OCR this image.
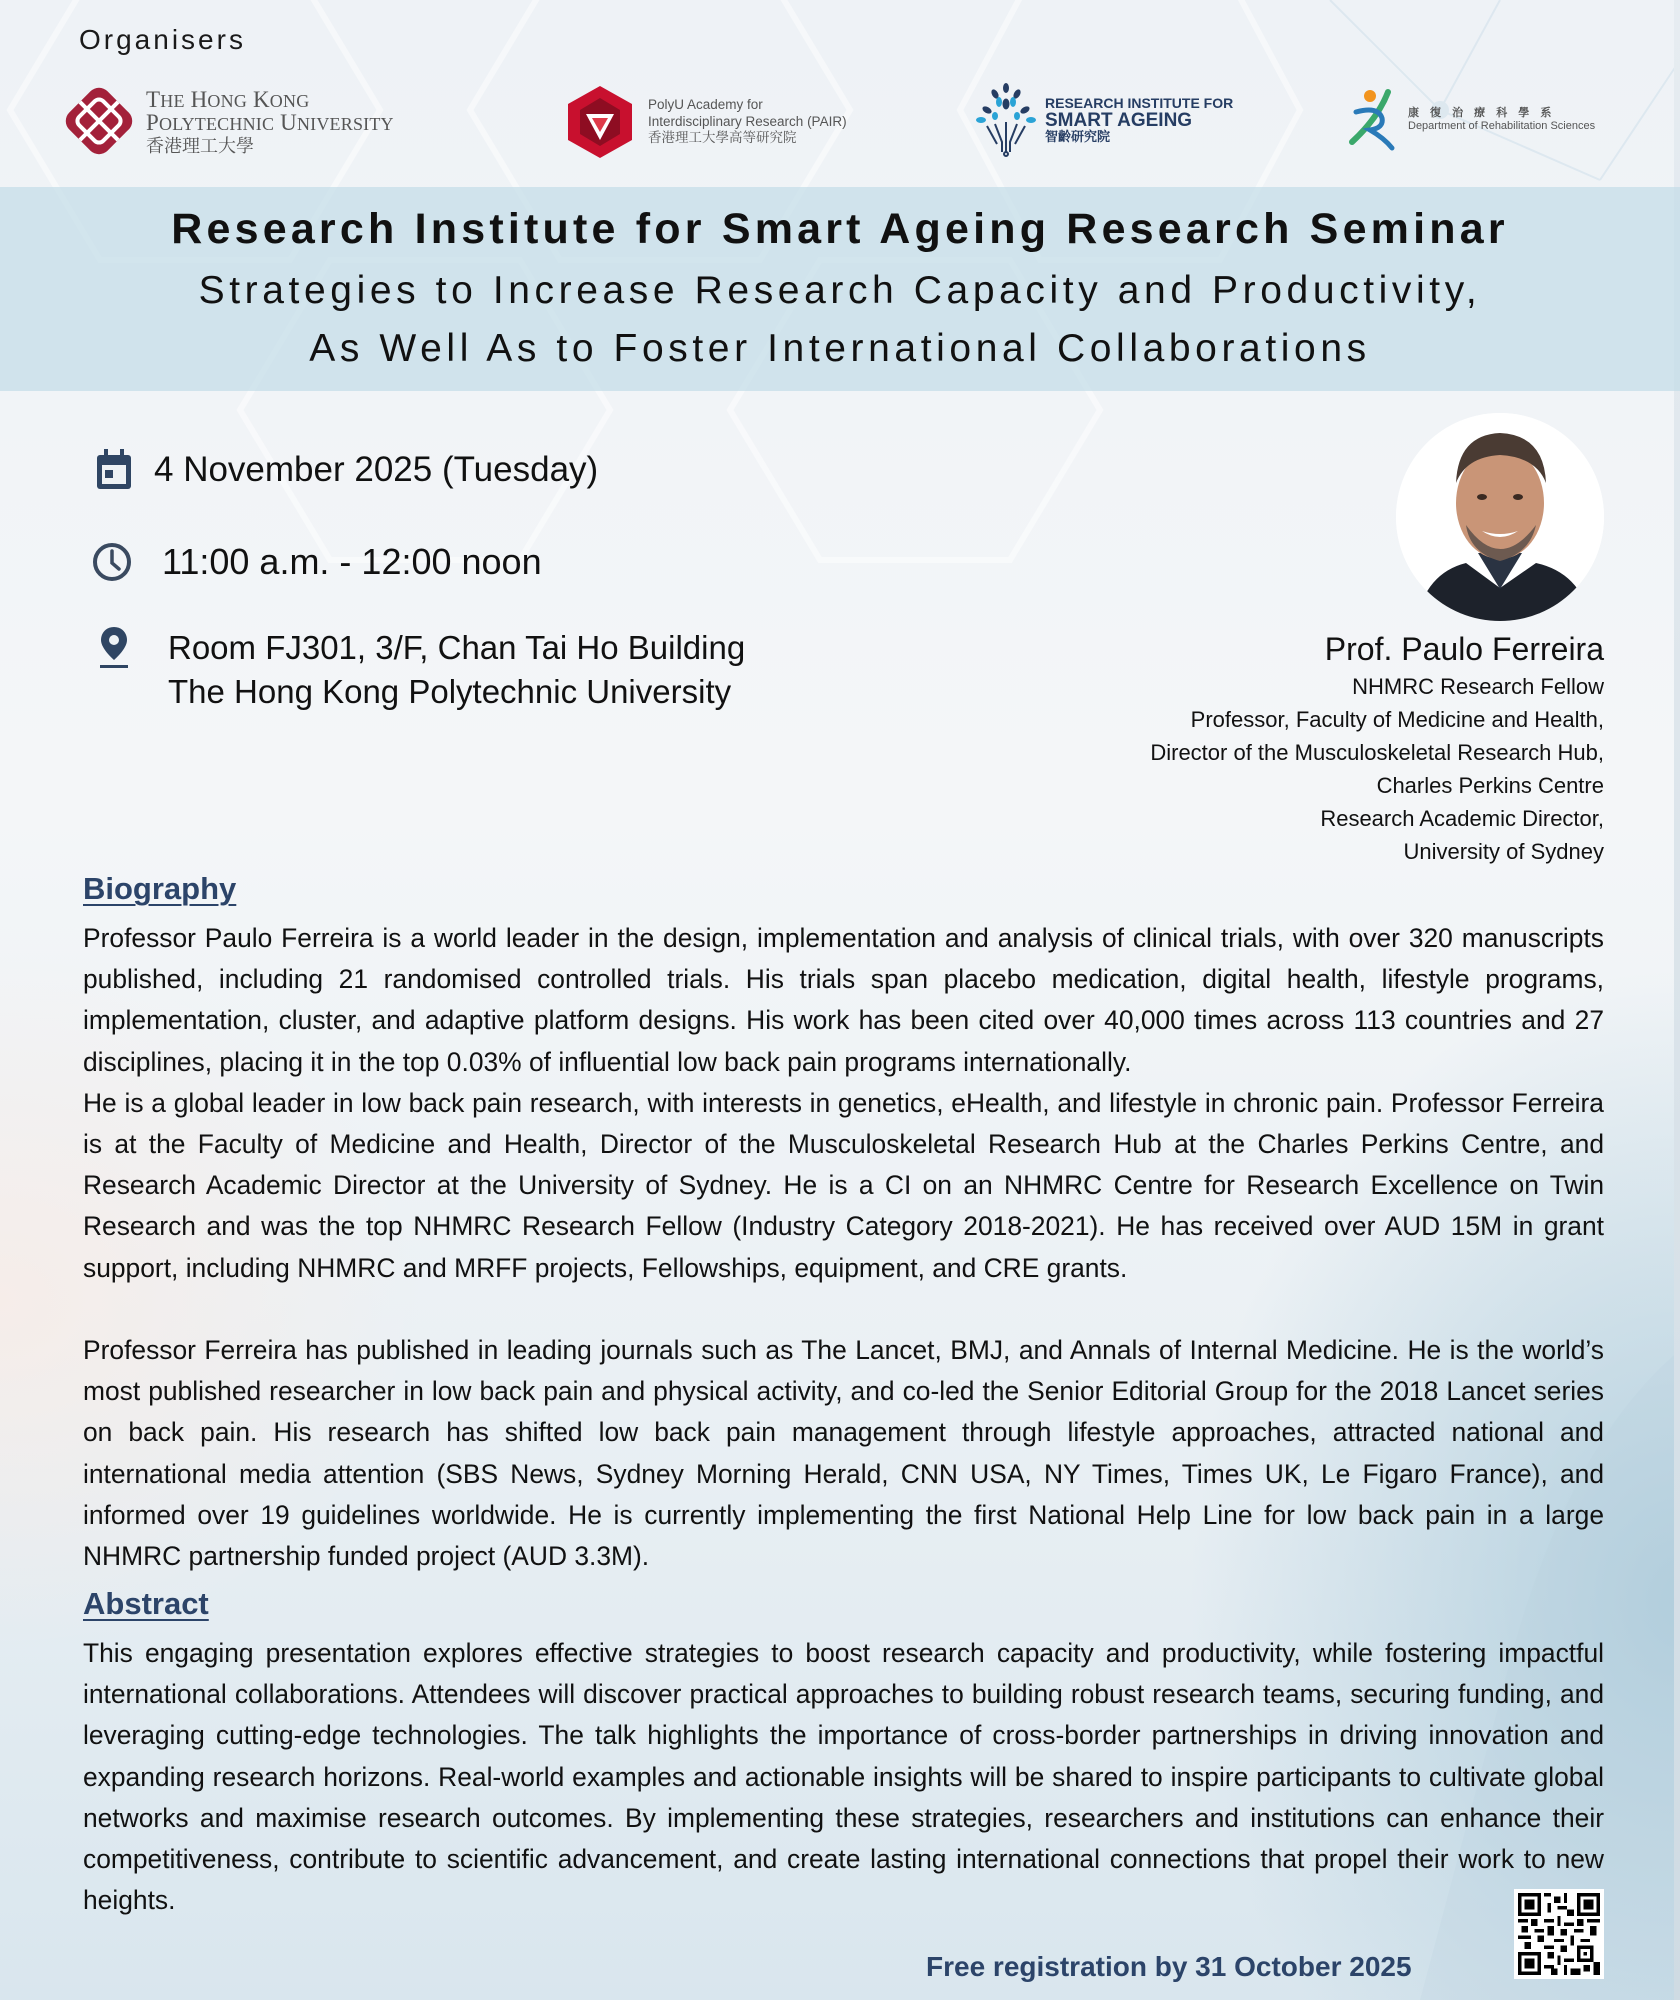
Organisers
THE HONG KONG
POLYTECHNIC UNIVERSITY
香港理工大學
PolyU Academy for
Interdisciplinary Research (PAIR)
香港理工大學高等研究院
RESEARCH INSTITUTE FOR
SMART AGEING
智齡研究院
康 復 治 療 科 學 系
Department of Rehabilitation Sciences
Research Institute for Smart Ageing Research Seminar
Strategies to Increase Research Capacity and Productivity,
As Well As to Foster International Collaborations
4 November 2025 (Tuesday)
11:00 a.m. - 12:00 noon
Room FJ301, 3/F, Chan Tai Ho Building
The Hong Kong Polytechnic University
Prof. Paulo Ferreira
NHMRC Research Fellow
Professor, Faculty of Medicine and Health,
Director of the Musculoskeletal Research Hub,
Charles Perkins Centre
Research Academic Director,
University of Sydney
Biography
Professor Paulo Ferreira is a world leader in the design, implementation and analysis of clinical trials, with over 320 manuscripts published, including 21 randomised controlled trials. His trials span placebo medication, digital health, lifestyle programs, implementation, cluster, and adaptive platform designs. His work has been cited over 40,000 times across 113 countries and 27 disciplines, placing it in the top 0.03% of influential low back pain programs internationally.
He is a global leader in low back pain research, with interests in genetics, eHealth, and lifestyle in chronic pain. Professor Ferreira is at the Faculty of Medicine and Health, Director of the Musculoskeletal Research Hub at the Charles Perkins Centre, and Research Academic Director at the University of Sydney. He is a CI on an NHMRC Centre for Research Excellence on Twin Research and was the top NHMRC Research Fellow (Industry Category 2018-2021). He has received over AUD 15M in grant support, including NHMRC and MRFF projects, Fellowships, equipment, and CRE grants.
Professor Ferreira has published in leading journals such as The Lancet, BMJ, and Annals of Internal Medicine. He is the world’s most published researcher in low back pain and physical activity, and co-led the Senior Editorial Group for the 2018 Lancet series on back pain. His research has shifted low back pain management through lifestyle approaches, attracted national and international media attention (SBS News, Sydney Morning Herald, CNN USA, NY Times, Times UK, Le Figaro France), and informed over 19 guidelines worldwide. He is currently implementing the first National Help Line for low back pain in a large NHMRC partnership funded project (AUD 3.3M).
Abstract
This engaging presentation explores effective strategies to boost research capacity and productivity, while fostering impactful international collaborations. Attendees will discover practical approaches to building robust research teams, securing funding, and leveraging cutting-edge technologies. The talk highlights the importance of cross-border partnerships in driving innovation and expanding research horizons. Real-world examples and actionable insights will be shared to inspire participants to cultivate global networks and maximise research outcomes. By implementing these strategies, researchers and institutions can enhance their competitiveness, contribute to scientific advancement, and create lasting international connections that propel their work to new heights.
Free registration by 31 October 2025
